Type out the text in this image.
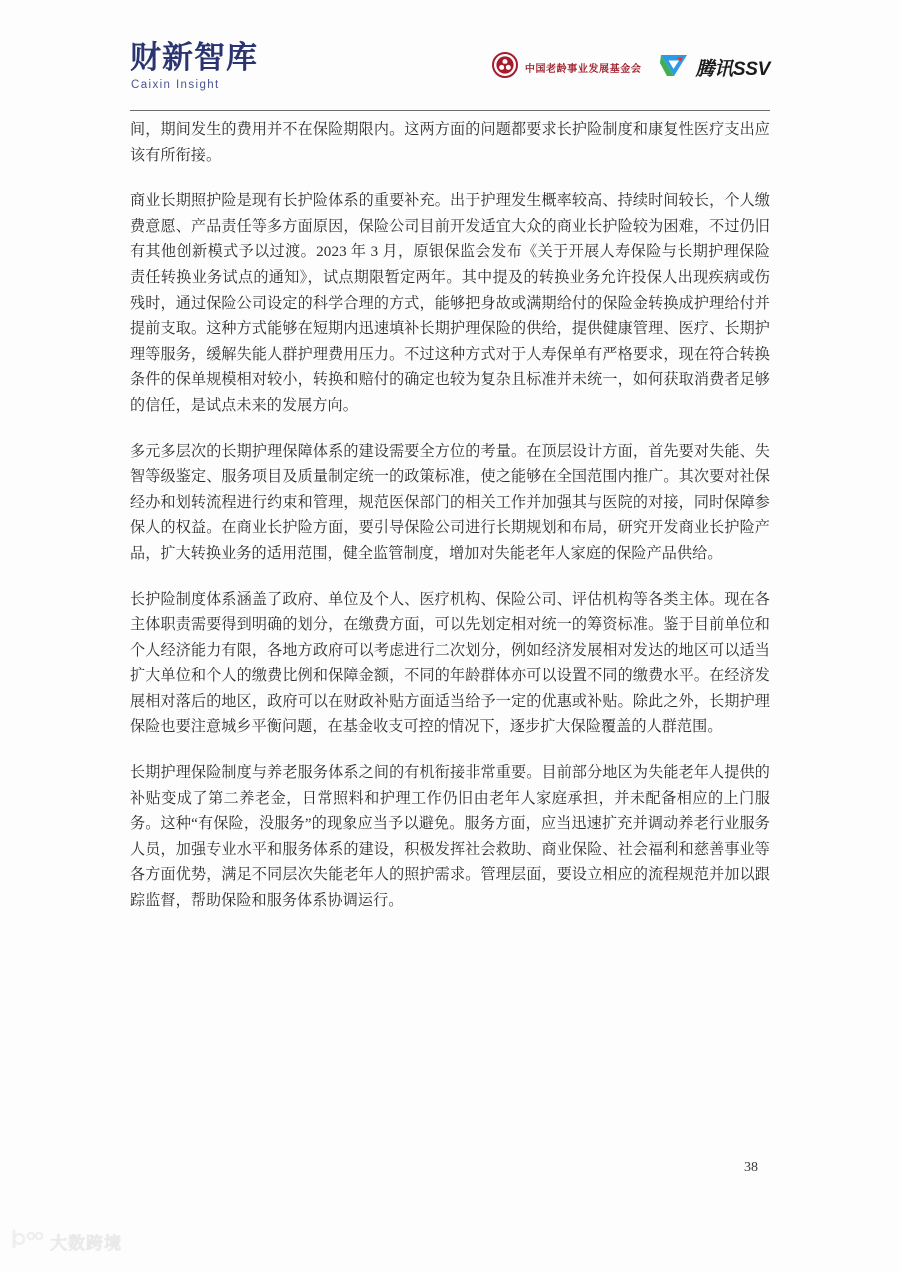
财新智库
Caixin Insight
中国老龄事业发展基金会	腾讯SSV

间，期间发生的费用并不在保险期限内。这两方面的问题都要求长护险制度和康复性医疗支出应该有所衔接。

商业长期照护险是现有长护险体系的重要补充。出于护理发生概率较高、持续时间较长，个人缴费意愿、产品责任等多方面原因，保险公司目前开发适宜大众的商业长护险较为困难，不过仍旧有其他创新模式予以过渡。2023 年 3 月，原银保监会发布《关于开展人寿保险与长期护理保险责任转换业务试点的通知》，试点期限暂定两年。其中提及的转换业务允许投保人出现疾病或伤残时，通过保险公司设定的科学合理的方式，能够把身故或满期给付的保险金转换成护理给付并提前支取。这种方式能够在短期内迅速填补长期护理保险的供给，提供健康管理、医疗、长期护理等服务，缓解失能人群护理费用压力。不过这种方式对于人寿保单有严格要求，现在符合转换条件的保单规模相对较小，转换和赔付的确定也较为复杂且标准并未统一，如何获取消费者足够的信任，是试点未来的发展方向。

多元多层次的长期护理保障体系的建设需要全方位的考量。在顶层设计方面，首先要对失能、失智等级鉴定、服务项目及质量制定统一的政策标准，使之能够在全国范围内推广。其次要对社保经办和划转流程进行约束和管理，规范医保部门的相关工作并加强其与医院的对接，同时保障参保人的权益。在商业长护险方面，要引导保险公司进行长期规划和布局，研究开发商业长护险产品，扩大转换业务的适用范围，健全监管制度，增加对失能老年人家庭的保险产品供给。

长护险制度体系涵盖了政府、单位及个人、医疗机构、保险公司、评估机构等各类主体。现在各主体职责需要得到明确的划分，在缴费方面，可以先划定相对统一的筹资标准。鉴于目前单位和个人经济能力有限，各地方政府可以考虑进行二次划分，例如经济发展相对发达的地区可以适当扩大单位和个人的缴费比例和保障金额，不同的年龄群体亦可以设置不同的缴费水平。在经济发展相对落后的地区，政府可以在财政补贴方面适当给予一定的优惠或补贴。除此之外，长期护理保险也要注意城乡平衡问题，在基金收支可控的情况下，逐步扩大保险覆盖的人群范围。

长期护理保险制度与养老服务体系之间的有机衔接非常重要。目前部分地区为失能老年人提供的补贴变成了第二养老金，日常照料和护理工作仍旧由老年人家庭承担，并未配备相应的上门服务。这种“有保险，没服务”的现象应当予以避免。服务方面，应当迅速扩充并调动养老行业服务人员，加强专业水平和服务体系的建设，积极发挥社会救助、商业保险、社会福利和慈善事业等各方面优势，满足不同层次失能老年人的照护需求。管理层面，要设立相应的流程规范并加以跟踪监督，帮助保险和服务体系协调运行。

38
大数跨境
